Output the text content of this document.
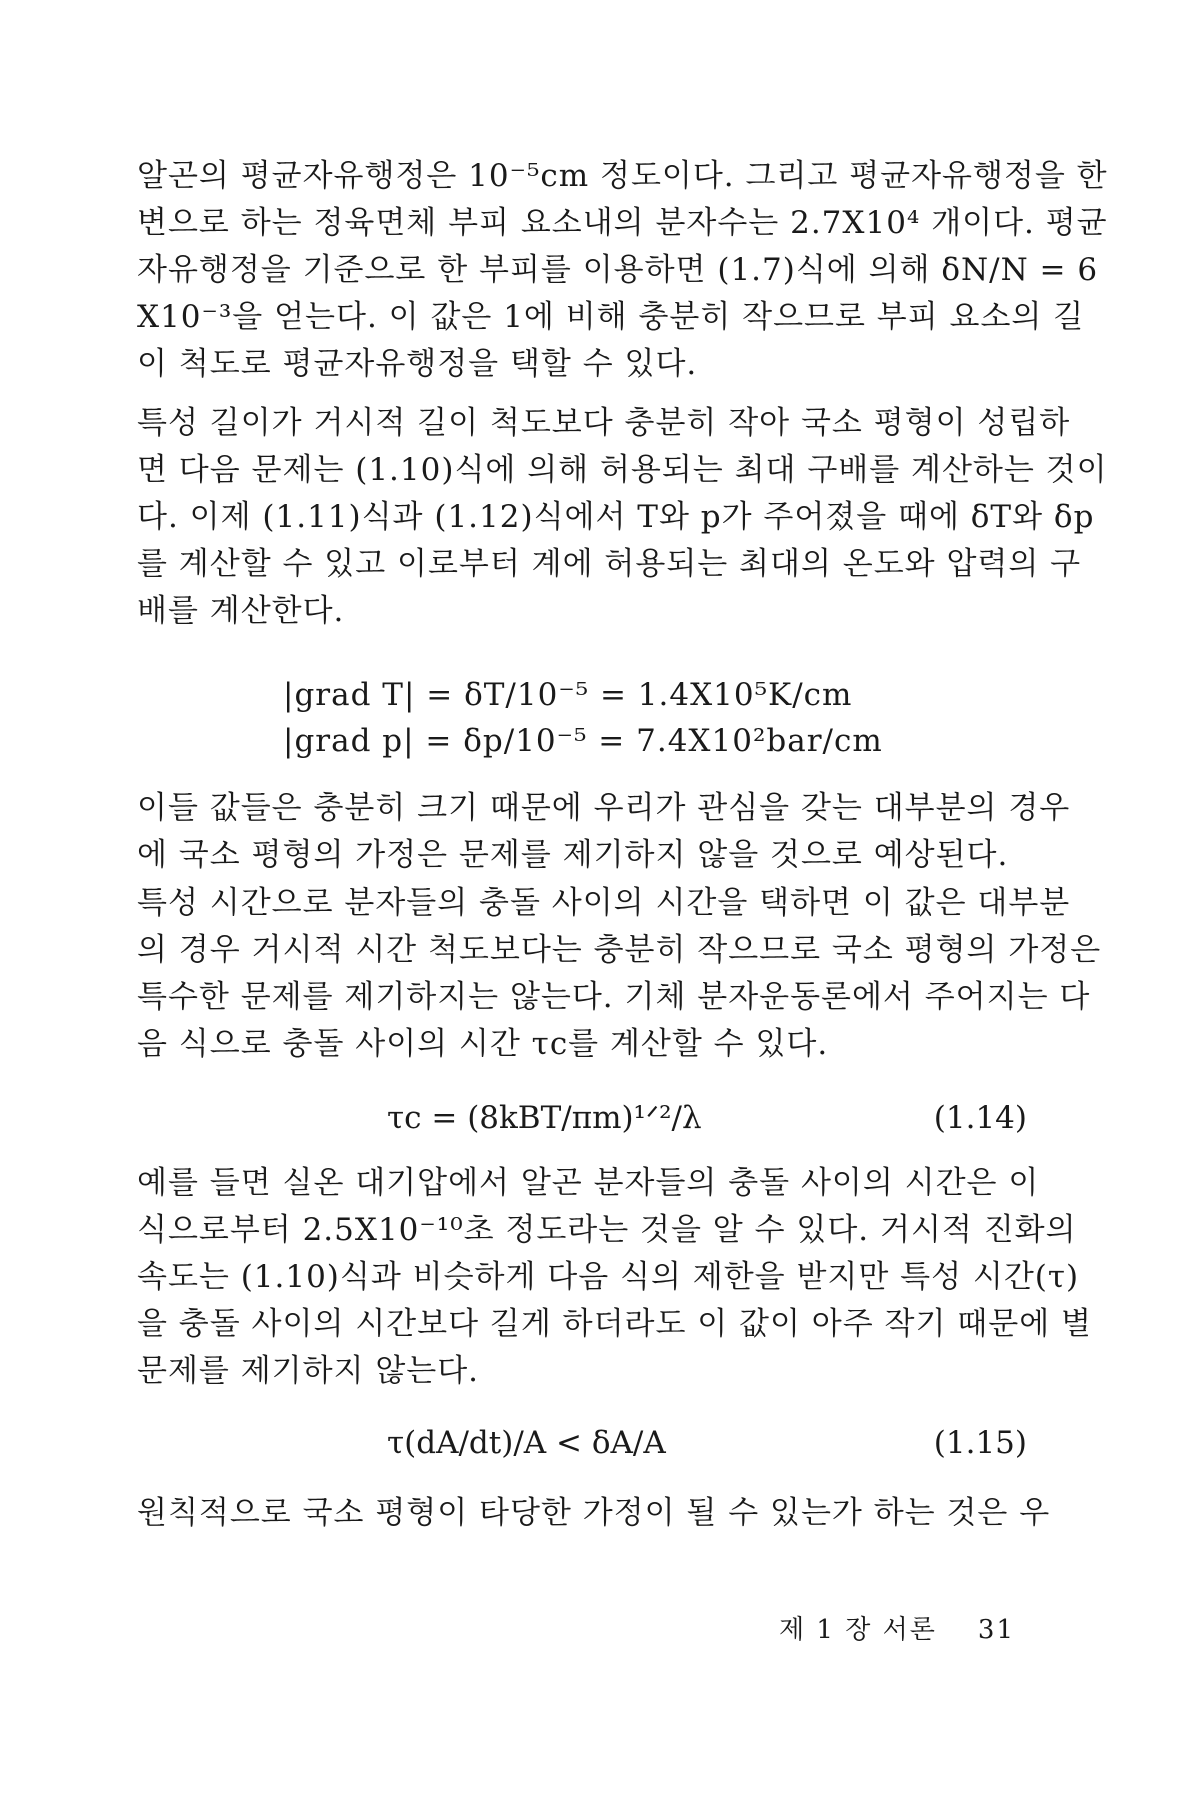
알곤의 평균자유행정은 10⁻⁵cm 정도이다. 그리고 평균자유행정을 한
변으로 하는 정육면체 부피 요소내의 분자수는 2.7X10⁴ 개이다. 평균
자유행정을 기준으로 한 부피를 이용하면 (1.7)식에 의해 δN/N = 6
X10⁻³을 얻는다. 이 값은 1에 비해 충분히 작으므로 부피 요소의 길
이 척도로 평균자유행정을 택할 수 있다.
특성 길이가 거시적 길이 척도보다 충분히 작아 국소 평형이 성립하
면 다음 문제는 (1.10)식에 의해 허용되는 최대 구배를 계산하는 것이
다. 이제 (1.11)식과 (1.12)식에서 T와 p가 주어졌을 때에 δT와 δp
를 계산할 수 있고 이로부터 계에 허용되는 최대의 온도와 압력의 구
배를 계산한다.
|grad T| = δT/10⁻⁵ = 1.4X10⁵K/cm
|grad p| = δp/10⁻⁵ = 7.4X10²bar/cm
이들 값들은 충분히 크기 때문에 우리가 관심을 갖는 대부분의 경우
에 국소 평형의 가정은 문제를 제기하지 않을 것으로 예상된다.
특성 시간으로 분자들의 충돌 사이의 시간을 택하면 이 값은 대부분
의 경우 거시적 시간 척도보다는 충분히 작으므로 국소 평형의 가정은
특수한 문제를 제기하지는 않는다. 기체 분자운동론에서 주어지는 다
음 식으로 충돌 사이의 시간 τc를 계산할 수 있다.
τc = (8kBT/πm)¹ᐟ²/λ	(1.14)
예를 들면 실온 대기압에서 알곤 분자들의 충돌 사이의 시간은 이
식으로부터 2.5X10⁻¹⁰초 정도라는 것을 알 수 있다. 거시적 진화의
속도는 (1.10)식과 비슷하게 다음 식의 제한을 받지만 특성 시간(τ)
을 충돌 사이의 시간보다 길게 하더라도 이 값이 아주 작기 때문에 별
문제를 제기하지 않는다.
τ(dA/dt)/A < δA/A	(1.15)
원칙적으로 국소 평형이 타당한 가정이 될 수 있는가 하는 것은 우
제 1 장 서론 31
